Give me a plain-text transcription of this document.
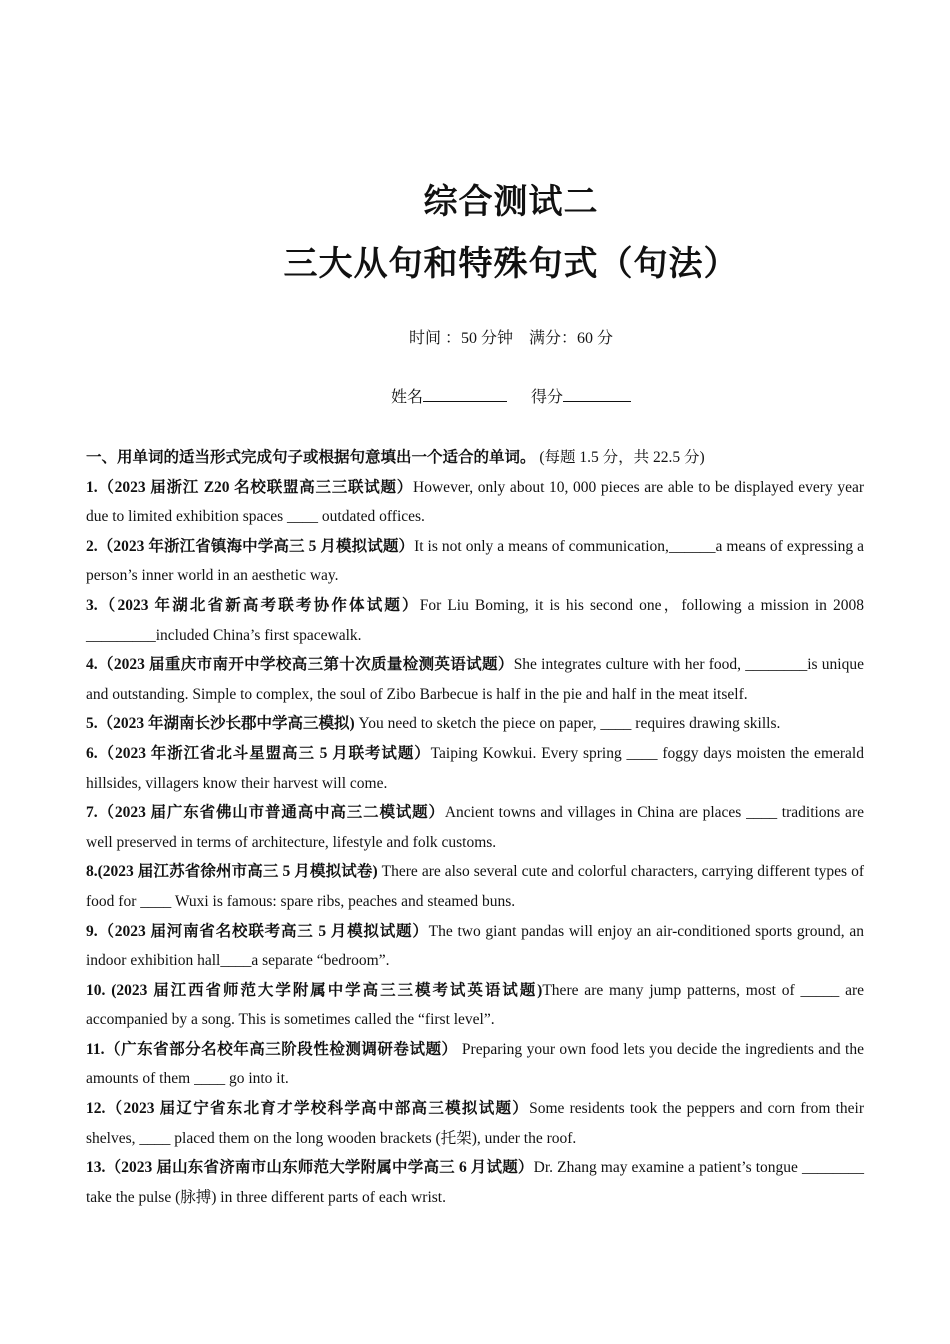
综合测试二
三大从句和特殊句式（句法）
时间 ：50 分钟　满分：60 分
姓名	得分

一、用单词的适当形式完成句子或根据句意填出一个适合的单词。 (每题 1.5 分，共 22.5 分)

1.（2023 届浙江 Z20 名校联盟高三三联试题）However, only about 10, 000 pieces are able to be displayed every year due to limited exhibition spaces ____ outdated offices.

2.（2023 年浙江省镇海中学高三 5 月模拟试题）It is not only a means of communication,______a means of expressing a person’s inner world in an aesthetic way.

3.（2023 年湖北省新高考联考协作体试题）For Liu Boming, it is his second one，following a mission in 2008 _________included China’s first spacewalk.

4.（2023 届重庆市南开中学校高三第十次质量检测英语试题）She integrates culture with her food, ________is unique and outstanding. Simple to complex, the soul of Zibo Barbecue is half in the pie and half in the meat itself.

5.（2023 年湖南长沙长郡中学高三模拟) You need to sketch the piece on paper, ____ requires drawing skills.

6.（2023 年浙江省北斗星盟高三 5 月联考试题）Taiping Kowkui. Every spring ____ foggy days moisten the emerald hillsides, villagers know their harvest will come.

7.（2023 届广东省佛山市普通高中高三二模试题）Ancient towns and villages in China are places ____ traditions are well preserved in terms of architecture, lifestyle and folk customs.

8.(2023 届江苏省徐州市高三 5 月模拟试卷) There are also several cute and colorful characters, carrying different types of food for ____ Wuxi is famous: spare ribs, peaches and steamed buns.

9.（2023 届河南省名校联考高三 5 月模拟试题）The two giant pandas will enjoy an air-conditioned sports ground, an indoor exhibition hall____a separate “bedroom”.

10. (2023 届江西省师范大学附属中学高三三模考试英语试题)There are many jump patterns, most of _____ are accompanied by a song. This is sometimes called the “first level”.

11.（广东省部分名校年高三阶段性检测调研卷试题） Preparing your own food lets you decide the ingredients and the amounts of them ____ go into it.

12.（2023 届辽宁省东北育才学校科学高中部高三模拟试题）Some residents took the peppers and corn from their shelves, ____ placed them on the long wooden brackets (托架), under the roof.

13.（2023 届山东省济南市山东师范大学附属中学高三 6 月试题）Dr. Zhang may examine a patient’s tongue ________ take the pulse (脉搏) in three different parts of each wrist.
